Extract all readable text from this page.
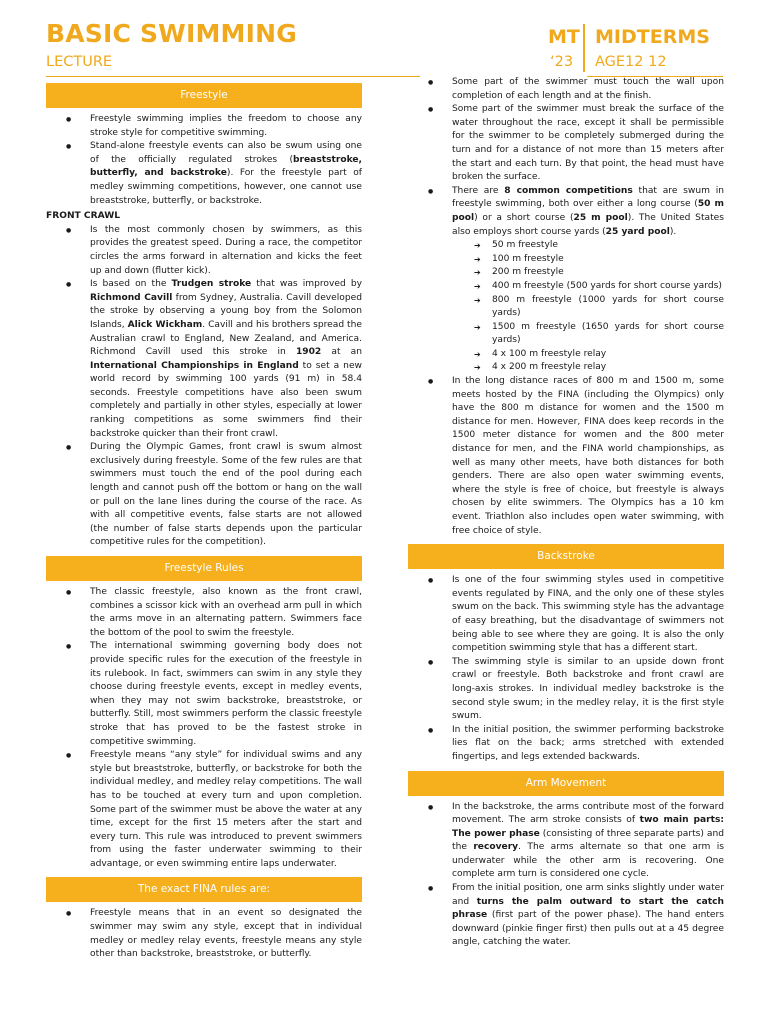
BASIC SWIMMING
LECTURE
MT
‘23
MIDTERMS
AGE12 12
Freestyle
● Freestyle swimming implies the freedom to choose any stroke style for competitive swimming.
● Stand-alone freestyle events can also be swum using one of the officially regulated strokes (breaststroke, butterfly, and backstroke). For the freestyle part of medley swimming competitions, however, one cannot use breaststroke, butterfly, or backstroke.
FRONT CRAWL
● Is the most commonly chosen by swimmers, as this provides the greatest speed. During a race, the competitor circles the arms forward in alternation and kicks the feet up and down (flutter kick).
● Is based on the Trudgen stroke that was improved by Richmond Cavill from Sydney, Australia. Cavill developed the stroke by observing a young boy from the Solomon Islands, Alick Wickham. Cavill and his brothers spread the Australian crawl to England, New Zealand, and America. Richmond Cavill used this stroke in 1902 at an International Championships in England to set a new world record by swimming 100 yards (91 m) in 58.4 seconds. Freestyle competitions have also been swum completely and partially in other styles, especially at lower ranking competitions as some swimmers find their backstroke quicker than their front crawl.
● During the Olympic Games, front crawl is swum almost exclusively during freestyle. Some of the few rules are that swimmers must touch the end of the pool during each length and cannot push off the bottom or hang on the wall or pull on the lane lines during the course of the race. As with all competitive events, false starts are not allowed (the number of false starts depends upon the particular competitive rules for the competition).
Freestyle Rules
● The classic freestyle, also known as the front crawl, combines a scissor kick with an overhead arm pull in which the arms move in an alternating pattern. Swimmers face the bottom of the pool to swim the freestyle.
● The international swimming governing body does not provide specific rules for the execution of the freestyle in its rulebook. In fact, swimmers can swim in any style they choose during freestyle events, except in medley events, when they may not swim backstroke, breaststroke, or butterfly. Still, most swimmers perform the classic freestyle stroke that has proved to be the fastest stroke in competitive swimming.
● Freestyle means “any style” for individual swims and any style but breaststroke, butterfly, or backstroke for both the individual medley, and medley relay competitions. The wall has to be touched at every turn and upon completion. Some part of the swimmer must be above the water at any time, except for the first 15 meters after the start and every turn. This rule was introduced to prevent swimmers from using the faster underwater swimming to their advantage, or even swimming entire laps underwater.
The exact FINA rules are:
● Freestyle means that in an event so designated the swimmer may swim any style, except that in individual medley or medley relay events, freestyle means any style other than backstroke, breaststroke, or butterfly.
● Some part of the swimmer must touch the wall upon completion of each length and at the finish.
● Some part of the swimmer must break the surface of the water throughout the race, except it shall be permissible for the swimmer to be completely submerged during the turn and for a distance of not more than 15 meters after the start and each turn. By that point, the head must have broken the surface.
● There are 8 common competitions that are swum in freestyle swimming, both over either a long course (50 m pool) or a short course (25 m pool). The United States also employs short course yards (25 yard pool).
➔ 50 m freestyle
➔ 100 m freestyle
➔ 200 m freestyle
➔ 400 m freestyle (500 yards for short course yards)
➔ 800 m freestyle (1000 yards for short course yards)
➔ 1500 m freestyle (1650 yards for short course yards)
➔ 4 x 100 m freestyle relay
➔ 4 x 200 m freestyle relay
● In the long distance races of 800 m and 1500 m, some meets hosted by the FINA (including the Olympics) only have the 800 m distance for women and the 1500 m distance for men. However, FINA does keep records in the 1500 meter distance for women and the 800 meter distance for men, and the FINA world championships, as well as many other meets, have both distances for both genders. There are also open water swimming events, where the style is free of choice, but freestyle is always chosen by elite swimmers. The Olympics has a 10 km event. Triathlon also includes open water swimming, with free choice of style.
Backstroke
● Is one of the four swimming styles used in competitive events regulated by FINA, and the only one of these styles swum on the back. This swimming style has the advantage of easy breathing, but the disadvantage of swimmers not being able to see where they are going. It is also the only competition swimming style that has a different start.
● The swimming style is similar to an upside down front crawl or freestyle. Both backstroke and front crawl are long-axis strokes. In individual medley backstroke is the second style swum; in the medley relay, it is the first style swum.
● In the initial position, the swimmer performing backstroke lies flat on the back; arms stretched with extended fingertips, and legs extended backwards.
Arm Movement
● In the backstroke, the arms contribute most of the forward movement. The arm stroke consists of two main parts: The power phase (consisting of three separate parts) and the recovery. The arms alternate so that one arm is underwater while the other arm is recovering. One complete arm turn is considered one cycle.
● From the initial position, one arm sinks slightly under water and turns the palm outward to start the catch phrase (first part of the power phase). The hand enters downward (pinkie finger first) then pulls out at a 45 degree angle, catching the water.
